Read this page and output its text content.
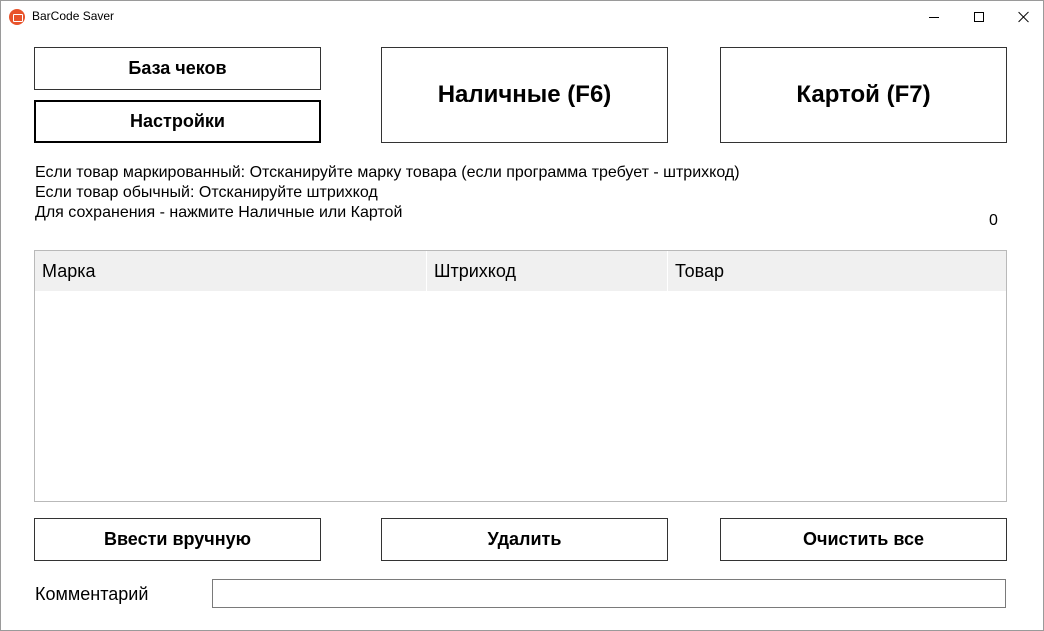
BarCode Saver
База чеков
Настройки
Наличные (F6)	Картой (F7)
Если товар маркированный: Отсканируйте марку товара (если программа требует - штрихкод)
Если товар обычный: Отсканируйте штрихкод
Для сохранения - нажмите Наличные или Картой	0
Марка	Штрихкод	Товар
Ввести вручную	Удалить	Очистить все
Комментарий
